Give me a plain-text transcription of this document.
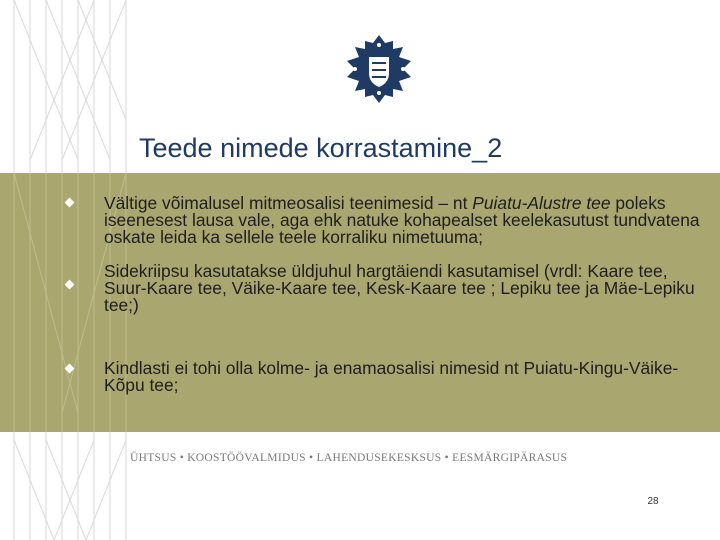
Teede nimede korrastamine_2
Vältige võimalusel mitmeosalisi teenimesid – nt Puiatu-Alustre tee poleks iseenesest lausa vale, aga ehk natuke kohapealset keelekasutust tundvatena oskate leida ka sellele teele korraliku nimetuuma;
Sidekriipsu kasutatakse üldjuhul hargtäiendi kasutamisel (vrdl: Kaare tee, Suur-Kaare tee, Väike-Kaare tee, Kesk-Kaare tee ; Lepiku tee ja Mäe-Lepiku tee;)
Kindlasti ei tohi olla kolme- ja enamaosalisi nimesid nt Puiatu-Kingu-Väike-Kõpu tee;
ÜHTSUS • KOOSTÖÖVALMIDUS • LAHENDUSEKESKSUS • EESMÄRGIPÄRASUS
28
